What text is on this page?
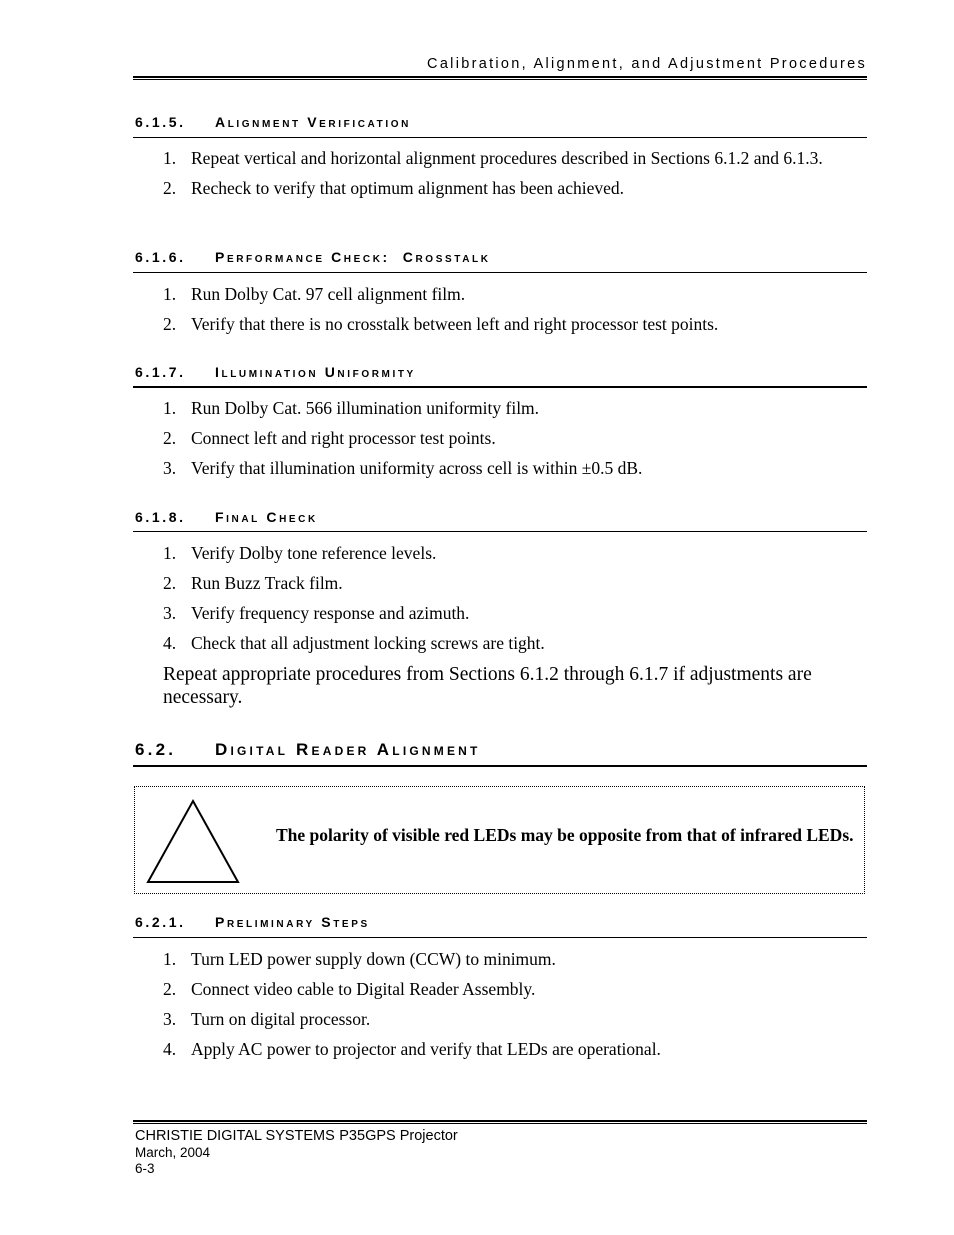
Calibration, Alignment, and Adjustment Procedures
6.1.5. Alignment Verification
1. Repeat vertical and horizontal alignment procedures described in Sections 6.1.2 and 6.1.3.
2. Recheck to verify that optimum alignment has been achieved.
6.1.6. Performance Check:  Crosstalk
1. Run Dolby Cat. 97 cell alignment film.
2. Verify that there is no crosstalk between left and right processor test points.
6.1.7. Illumination Uniformity
1. Run Dolby Cat. 566 illumination uniformity film.
2. Connect left and right processor test points.
3. Verify that illumination uniformity across cell is within ±0.5 dB.
6.1.8. Final Check
1. Verify Dolby tone reference levels.
2. Run Buzz Track film.
3. Verify frequency response and azimuth.
4. Check that all adjustment locking screws are tight.
Repeat appropriate procedures from Sections 6.1.2 through 6.1.7 if adjustments are necessary.
6.2. Digital Reader Alignment
The polarity of visible red LEDs may be opposite from that of infrared LEDs.
6.2.1. Preliminary Steps
1. Turn LED power supply down (CCW) to minimum.
2. Connect video cable to Digital Reader Assembly.
3. Turn on digital processor.
4. Apply AC power to projector and verify that LEDs are operational.
CHRISTIE DIGITAL SYSTEMS P35GPS Projector
March, 2004
6-3
